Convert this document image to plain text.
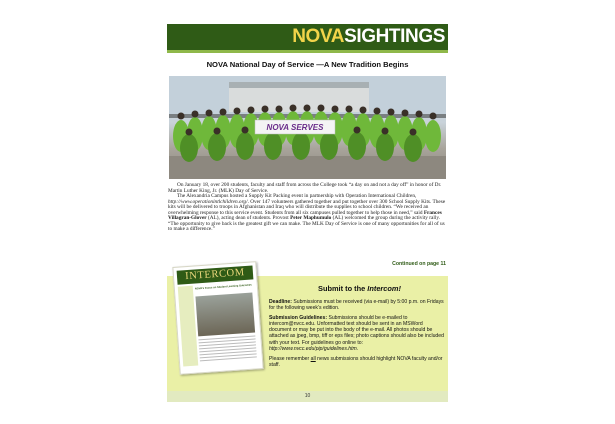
NOVASIGHTINGS
NOVA National Day of Service —A New Tradition Begins
NOVA SERVES

On January 18, over 200 students, faculty and staff from across the College took “a day on and not a day off” in honor of Dr. Martin Luther King, Jr. (MLK) Day of Service.

The Alexandria Campus hosted a Supply Kit Packing event in partnership with Operation International Children, http://www.operationintlchildren.org/. Over 147 volunteers gathered together and put together over 300 School Supply Kits. These kits will be delivered to troops in Afghanistan and Iraq who will distribute the supplies to school children. “We received an overwhelming response to this service event. Students from all six campuses pulled together to help those in need,” said Frances Villagran-Glover (AL), acting dean of students. Provost Peter Maphumulo (AL) welcomed the group during the activity rally. “The opportunity to give back is the greatest gift we can make. The MLK Day of Service is one of many opportunities for all of us to make a difference.”

Continued on page 11
Submit to the Intercom!

Deadline: Submissions must be received (via e-mail) by 5:00 p.m. on Fridays for the following week’s edition.

Submission Guidelines: Submissions should be e-mailed to intercom@nvcc.edu. Unformatted text should be sent in an MSWord document or may be put into the body of the e-mail. All photos should be attached as jpeg, bmp, tiff or eps files; photo captions should also be included with your text. For guidelines go online to: http://www.nvcc.edu/pip/guidelines.htm.

Please remember all news submissions should highlight NOVA faculty and/or staff.

INTERCOM
NOVA’s Focus on Student Learning Outcomes
10
